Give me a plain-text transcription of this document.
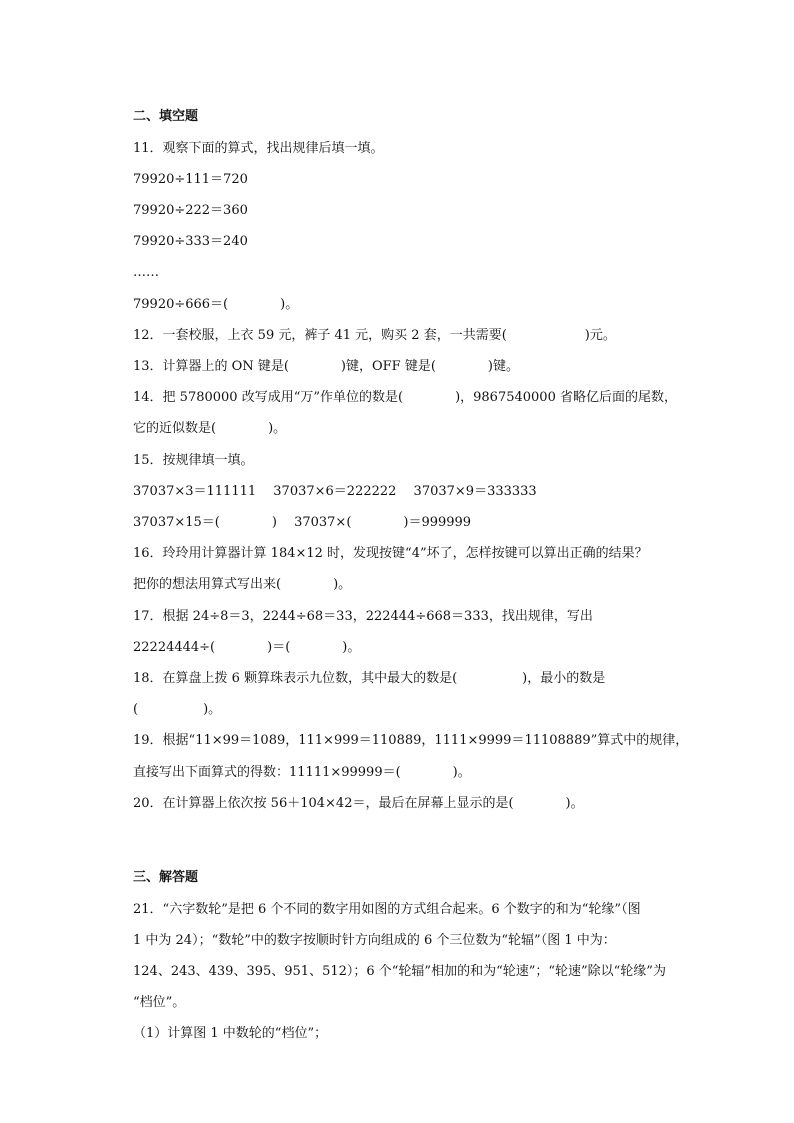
二、填空题
11．观察下面的算式，找出规律后填一填。
79920÷111＝720
79920÷222＝360
79920÷333＝240
……
79920÷666＝(　　　　)。
12．一套校服，上衣 59 元，裤子 41 元，购买 2 套，一共需要(　　　　　　)元。
13．计算器上的 ON 键是(　　　　)键，OFF 键是(　　　　)键。
14．把 5780000 改写成用“万”作单位的数是(　　　　)，9867540000 省略亿后面的尾数，
它的近似数是(　　　　)。
15．按规律填一填。
37037×3＝111111　 37037×6＝222222　 37037×9＝333333
37037×15＝(　　　　)　 37037×(　　　　)＝999999
16．玲玲用计算器计算 184×12 时，发现按键“4”坏了，怎样按键可以算出正确的结果？
把你的想法用算式写出来(　　　　)。
17．根据 24÷8＝3，2244÷68＝33，222444÷668＝333，找出规律，写出
22224444÷(　　　　)＝(　　　　)。
18．在算盘上拨 6 颗算珠表示九位数，其中最大的数是(　　　　　)，最小的数是
(　　　　　)。
19．根据“11×99＝1089，111×999＝110889，1111×9999＝11108889”算式中的规律，
直接写出下面算式的得数：11111×99999＝(　　　　)。
20．在计算器上依次按 56＋104×42＝，最后在屏幕上显示的是(　　　　)。
三、解答题
21．“六字数轮”是把 6 个不同的数字用如图的方式组合起来。6 个数字的和为“轮缘”（图
1 中为 24）；“数轮”中的数字按顺时针方向组成的 6 个三位数为“轮辐”（图 1 中为：
124、243、439、395、951、512）；6 个“轮辐”相加的和为“轮速”；“轮速”除以“轮缘”为
“档位”。
（1）计算图 1 中数轮的“档位”；
